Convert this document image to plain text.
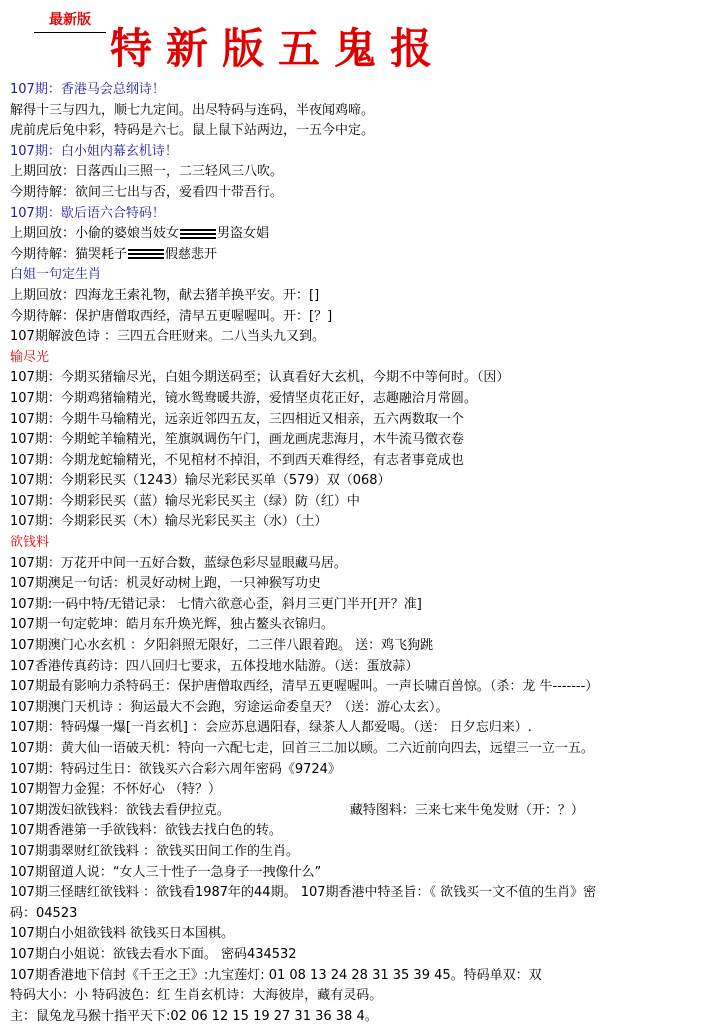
最新版
特新版五鬼报
107期：香港马会总纲诗！
解得十三与四九，顺七九定间。出尽特码与连码，半夜闻鸡啼。
虎前虎后兔中彩，特码是六七。鼠上鼠下站两边，一五今中定。
107期：白小姐内幕玄机诗！
上期回放：日落西山三照一，二三轻风三八吹。
今期待解：欲间三七出与否，爱看四十带吾行。
107期：歇后语六合特码！
上期回放：小偷的婆娘当妓女	男盗女娼
今期待解：猫哭耗子	假慈悲开
白姐一句定生肖
上期回放：四海龙王索礼物，献去猪羊换平安。开：[]
今期待解：保护唐僧取西经，清早五更喔喔叫。开：[？]
107期解波色诗 ：三四五合旺财来。二八当头九又到。
输尽光
107期：今期买猪输尽光，白姐今期送码至；认真看好大玄机，今期不中等何时。（因）
107期：今期鸡猪输精光，镜水鸳鸯暖共游，爱情坚贞花正好，志趣融洽月常圆。
107期：今期牛马输精光，远亲近邻四五友，三四相近又相亲，五六两数取一个
107期：今期蛇羊输精光，笙旗飒调伤午门，画龙画虎悲海月，木牛流马徵衣卷
107期：今期龙蛇输精光，不见棺材不掉泪，不到西天难得经，有志者事竟成也
107期：今期彩民买（1243）输尽光彩民买单（579）双（068）
107期：今期彩民买（蓝）输尽光彩民买主（绿）防（红）中
107期：今期彩民买（木）输尽光彩民买主（水）（土）
欲钱料
107期：万花开中间一五好合数，蓝绿色彩尽显眼藏马居。
107期澳足一句话：机灵好动树上跑，一只神猴写功史
107期:一码中特/无错记录： 七情六欲意心歪，斜月三更门半开[开？准]
107期一句定乾坤：皓月东升焕光辉，独占鳌头衣锦归。
107期澳门心水玄机 ：夕阳斜照无限好，二三伴八跟着跑。 送：鸡飞狗跳
107香港传真药诗：四八回归七要求，五体投地水陆游。（送：蛋放蒜）
107期最有影响力杀特码王：保护唐僧取西经，清早五更喔喔叫。一声长啸百兽惊。（杀：龙 牛-------）
107期澳门天机诗 ：狗运最大不会跑，穷途运命委皇天？（送：游心太玄）。
107期：特码爆一爆[一肖玄机] ：会应苏息遇阳春，绿茶人人都爱喝。（送： 日夕忘归来）.
107期：黄大仙一语破天机：特向一六配七走，回首三二加以顾。二六近前向四去，远望三一立一五。
107期：特码过生日：欲钱买六合彩六周年密码《9724》
107期智力金猩：不怀好心 （特？）
107期泼妇欲钱料：欲钱去看伊拉克。	藏特图料：三来七来牛兔发财（开：？）
107期香港第一手欲钱料：欲钱去找白色的转。
107期翡翠财红欲钱料 ：欲钱买田间工作的生肖。
107期留道人说：“女人三十性子一急身子一拽像什么”
107期三怪瞎红欲钱料 ：欲钱看1987年的44期。 107期香港中特圣旨：《 欲钱买一文不值的生肖》密
码：04523
107期白小姐欲钱料 欲钱买日本国棋。
107期白小姐说：欲钱去看水下面。 密码434532
107期香港地下信封《千王之王》:九宝莲灯: 01 08 13 24 28 31 35 39 45。特码单双：双
特码大小：小 特码波色：红 生肖玄机诗：大海彼岸，藏有灵码。
主：鼠兔龙马猴十指平天下:02 06 12 15 19 27 31 36 38 4。
